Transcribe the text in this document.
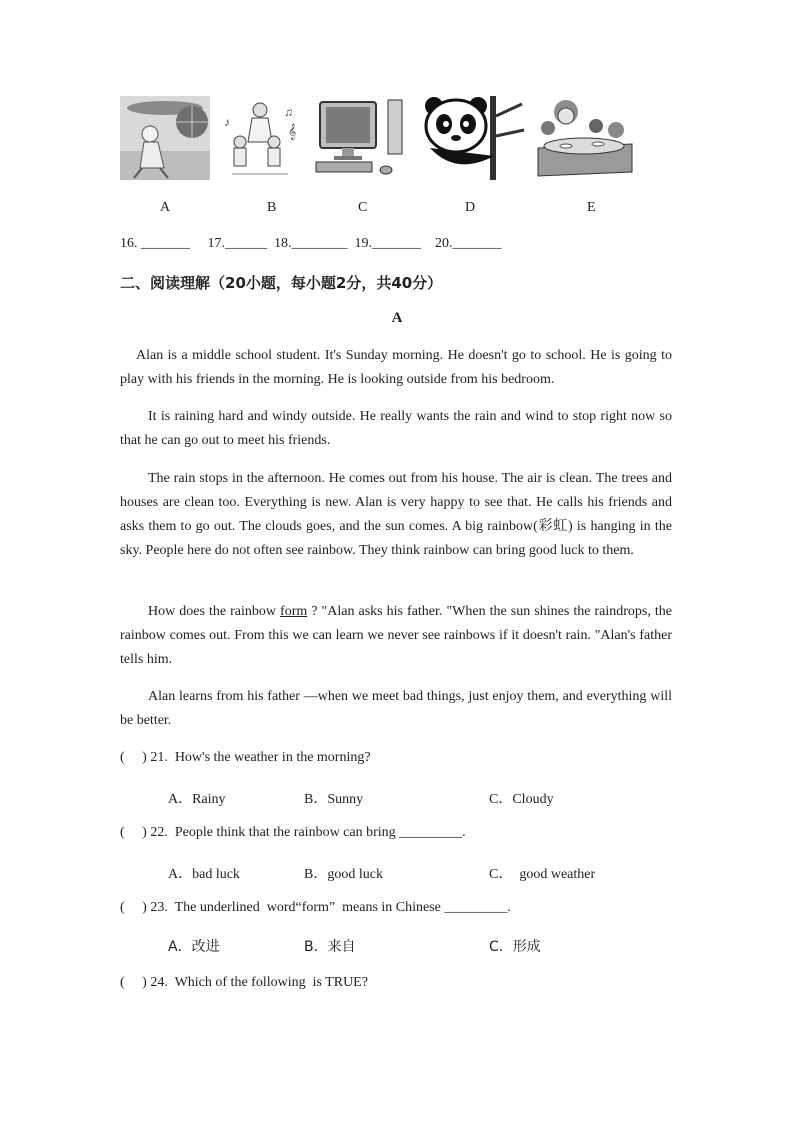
♪
♫
𝄞
A	B	C	D	E
16. _______     17.______  18.________  19._______    20._______
二、阅读理解（20小题，每小题2分，共40分）
A
Alan is a middle school student. It's Sunday morning. He doesn't go to school. He is going to play with his friends in the morning. He is looking outside from his bedroom.
It is raining hard and windy outside. He really wants the rain and wind to stop right now so that he can go out to meet his friends.
The rain stops in the afternoon. He comes out from his house. The air is clean. The trees and houses are clean too. Everything is new. Alan is very happy to see that. He calls his friends and asks them to go out. The clouds goes, and the sun comes. A big rainbow(彩虹) is hanging in the sky. People here do not often see rainbow. They think rainbow can bring good luck to them.
How does the rainbow form ? "Alan asks his father. "When the sun shines the raindrops, the rainbow comes out. From this we can learn we never see rainbows if it doesn't rain. "Alan's father tells him.
Alan learns from his father —when we meet bad things, just enjoy them, and everything will be better.
(     ) 21.  How's the weather in the morning?
A．Rainy	B．Sunny	C．Cloudy
(     ) 22.  People think that the rainbow can bring _________.
A．bad luck	B．good luck	C．  good weather
(     ) 23.  The underlined  word“form”  means in Chinese _________.
A．改进	B．来自	C．形成
(     ) 24.  Which of the following  is TRUE?
